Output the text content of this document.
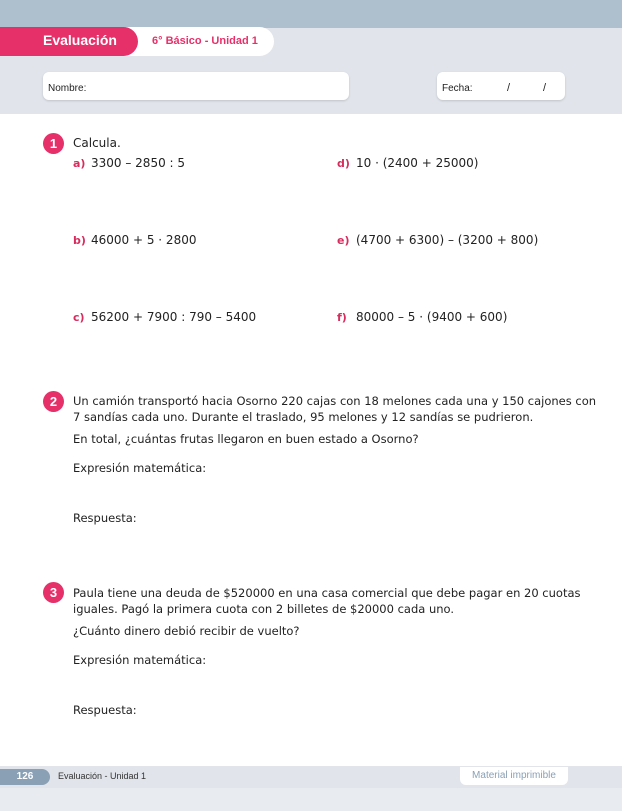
Evaluación	6° Básico - Unidad 1
Nombre:	Fecha:	/	/
1	Calcula.
a) 3300 – 2850 : 5
b) 46000 + 5 · 2800
c) 56200 + 7900 : 790 – 5400
d) 10 · (2400 + 25000)
e) (4700 + 6300) – (3200 + 800)
f) 80000 – 5 · (9400 + 600)
2	Un camión transportó hacia Osorno 220 cajas con 18 melones cada una y 150 cajones con
7 sandías cada uno. Durante el traslado, 95 melones y 12 sandías se pudrieron.
En total, ¿cuántas frutas llegaron en buen estado a Osorno?
Expresión matemática:
Respuesta:
3	Paula tiene una deuda de $520000 en una casa comercial que debe pagar en 20 cuotas
iguales. Pagó la primera cuota con 2 billetes de $20000 cada uno.
¿Cuánto dinero debió recibir de vuelto?
Expresión matemática:
Respuesta:
126	Evaluación - Unidad 1	Material imprimible
